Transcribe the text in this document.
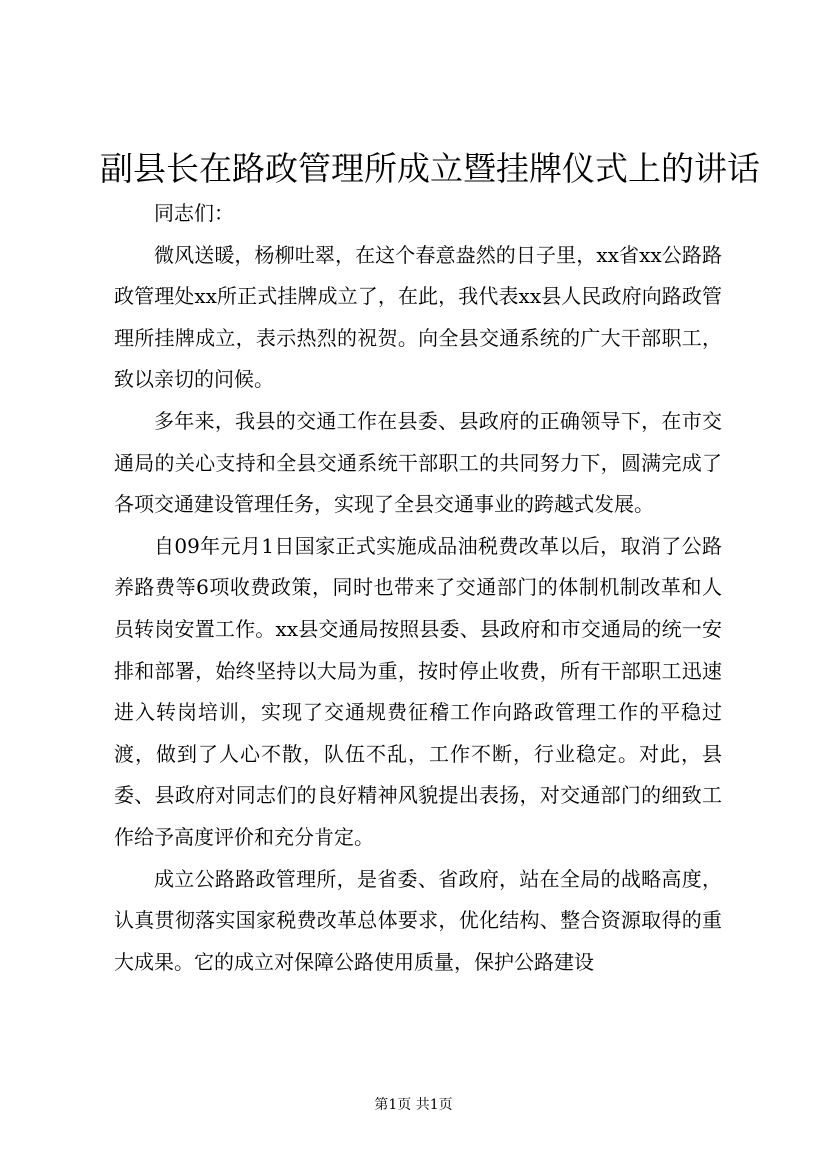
副县长在路政管理所成立暨挂牌仪式上的讲话

同志们：

微风送暖，杨柳吐翠，在这个春意盎然的日子里，xx省xx公路路政管理处xx所正式挂牌成立了，在此，我代表xx县人民政府向路政管理所挂牌成立，表示热烈的祝贺。向全县交通系统的广大干部职工，致以亲切的问候。

多年来，我县的交通工作在县委、县政府的正确领导下，在市交通局的关心支持和全县交通系统干部职工的共同努力下，圆满完成了各项交通建设管理任务，实现了全县交通事业的跨越式发展。

自09年元月1日国家正式实施成品油税费改革以后，取消了公路养路费等6项收费政策，同时也带来了交通部门的体制机制改革和人员转岗安置工作。xx县交通局按照县委、县政府和市交通局的统一安排和部署，始终坚持以大局为重，按时停止收费，所有干部职工迅速进入转岗培训，实现了交通规费征稽工作向路政管理工作的平稳过渡，做到了人心不散，队伍不乱，工作不断，行业稳定。对此，县委、县政府对同志们的良好精神风貌提出表扬，对交通部门的细致工作给予高度评价和充分肯定。

成立公路路政管理所，是省委、省政府，站在全局的战略高度，认真贯彻落实国家税费改革总体要求，优化结构、整合资源取得的重大成果。它的成立对保障公路使用质量，保护公路建设

第1页 共1页
